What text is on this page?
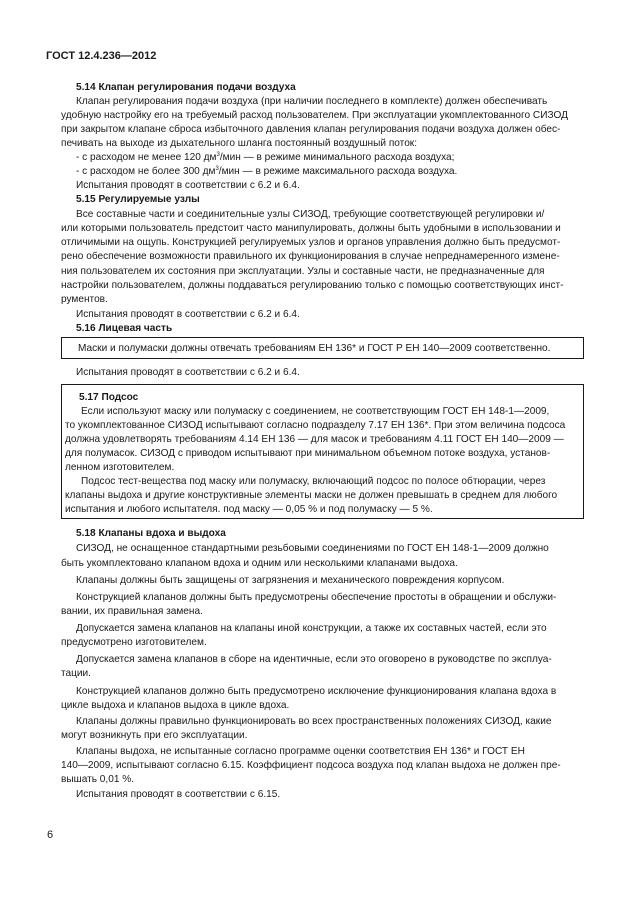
ГОСТ 12.4.236—2012
5.14 Клапан регулирования подачи воздуха
Клапан регулирования подачи воздуха (при наличии последнего в комплекте) должен обеспечивать
удобную настройку его на требуемый расход пользователем. При эксплуатации укомплектованного СИЗОД
при закрытом клапане сброса избыточного давления клапан регулирования подачи воздуха должен обес-
печивать на выходе из дыхательного шланга постоянный воздушный поток:
- с расходом не менее 120 $дм^3$/мин — в режиме минимального расхода воздуха;
- с расходом не более 300 $дм^3$/мин — в режиме максимального расхода воздуха.
Испытания проводят в соответствии с 6.2 и 6.4.
5.15 Регулируемые узлы
Все составные части и соединительные узлы СИЗОД, требующие соответствующей регулировки и/
или которыми пользователь предстоит часто манипулировать, должны быть удобными в использовании и
отличимыми на ощупь. Конструкцией регулируемых узлов и органов управления должно быть предусмот-
рено обеспечение возможности правильного их функционирования в случае непреднамеренного измене-
ния пользователем их состояния при эксплуатации. Узлы и составные части, не предназначенные для
настройки пользователем, должны поддаваться регулированию только с помощью соответствующих инст-
рументов.
Испытания проводят в соответствии с 6.2 и 6.4.
5.16 Лицевая часть
Маски и полумаски должны отвечать требованиям ЕН 136* и ГОСТ Р ЕН 140—2009 соответственно.
Испытания проводят в соответствии с 6.2 и 6.4.
5.17 Подсос
Если используют маску или полумаску с соединением, не соответствующим ГОСТ ЕН 148-1—2009,
то укомплектованное СИЗОД испытывают согласно подразделу 7.17 ЕН 136*. При этом величина подсоса
должна удовлетворять требованиям 4.14 ЕН 136 — для масок и требованиям 4.11 ГОСТ ЕН 140—2009 —
для полумасок. СИЗОД с приводом испытывают при минимальном объемном потоке воздуха, установ-
ленном изготовителем.
Подсос тест-вещества под маску или полумаску, включающий подсос по полосе обтюрации, через
клапаны выдоха и другие конструктивные элементы маски не должен превышать в среднем для любого
испытания и любого испытателя. под маску — 0,05 % и под полумаску — 5 %.
5.18 Клапаны вдоха и выдоха
СИЗОД, не оснащенное стандартными резьбовыми соединениями по ГОСТ ЕН 148-1—2009 должно
быть укомплектовано клапаном вдоха и одним или несколькими клапанами выдоха.
Клапаны должны быть защищены от загрязнения и механического повреждения корпусом.
Конструкцией клапанов должны быть предусмотрены обеспечение простоты в обращении и обслужи-
вании, их правильная замена.
Допускается замена клапанов на клапаны иной конструкции, а также их составных частей, если это
предусмотрено изготовителем.
Допускается замена клапанов в сборе на идентичные, если это оговорено в руководстве по эксплуа-
тации.
Конструкцией клапанов должно быть предусмотрено исключение функционирования клапана вдоха в
цикле выдоха и клапанов выдоха в цикле вдоха.
Клапаны должны правильно функционировать во всех пространственных положениях СИЗОД, какие
могут возникнуть при его эксплуатации.
Клапаны выдоха, не испытанные согласно программе оценки соответствия ЕН 136* и ГОСТ ЕН
140—2009, испытывают согласно 6.15. Коэффициент подсоса воздуха под клапан выдоха не должен пре-
вышать 0,01 %.
Испытания проводят в соответствии с 6.15.
6
